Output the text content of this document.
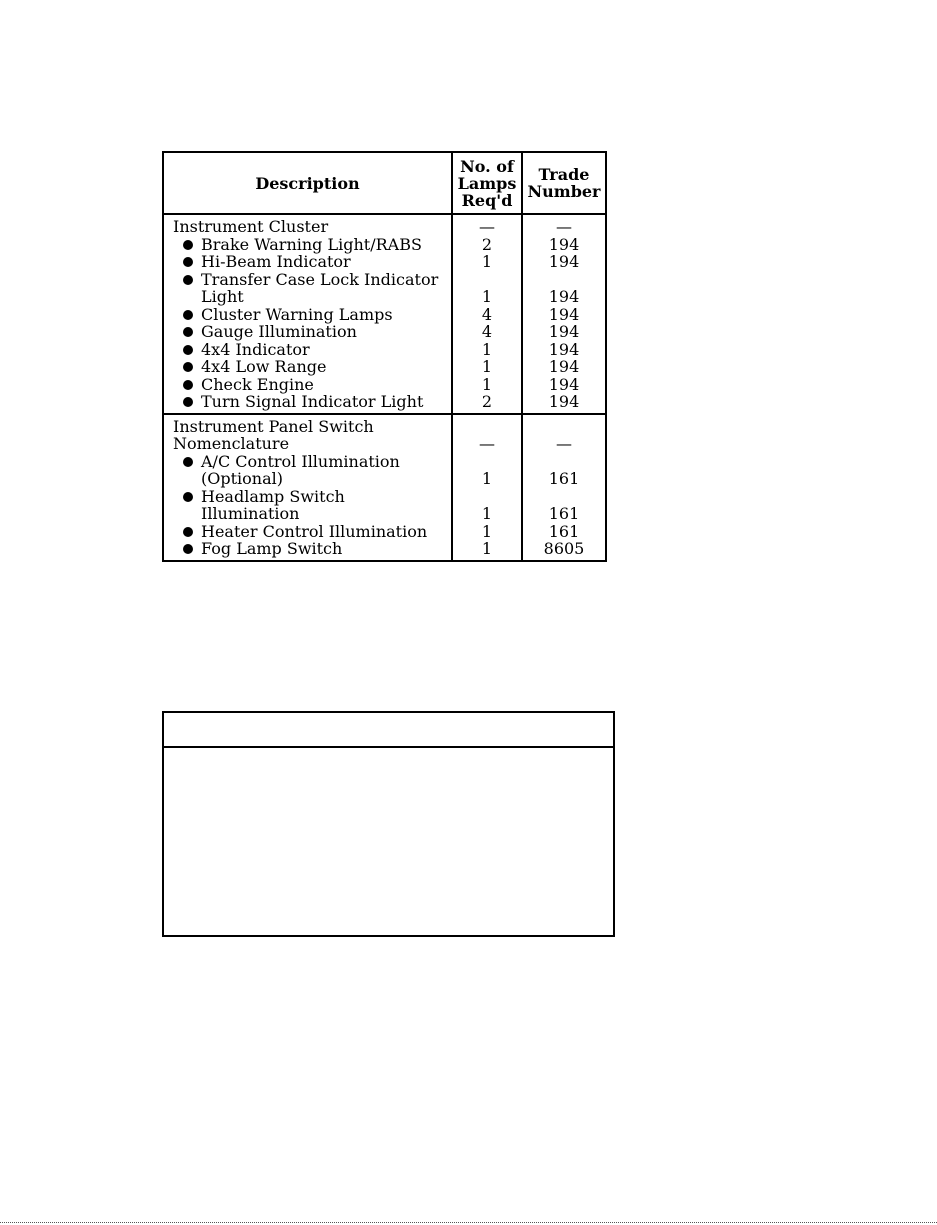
Description
No. of
Lamps
Req'd
Trade
Number
Instrument Cluster
Brake Warning Light/RABS
Hi-Beam Indicator
Transfer Case Lock Indicator
Light
Cluster Warning Lamps
Gauge Illumination
4x4 Indicator
4x4 Low Range
Check Engine
Turn Signal Indicator Light
—
2
1
1
4
4
1
1
1
2
—
194
194
194
194
194
194
194
194
194
Instrument Panel Switch
Nomenclature
A/C Control Illumination
(Optional)
Headlamp Switch
Illumination
Heater Control Illumination
Fog Lamp Switch
—
1
1
1
1
—
161
161
161
8605
